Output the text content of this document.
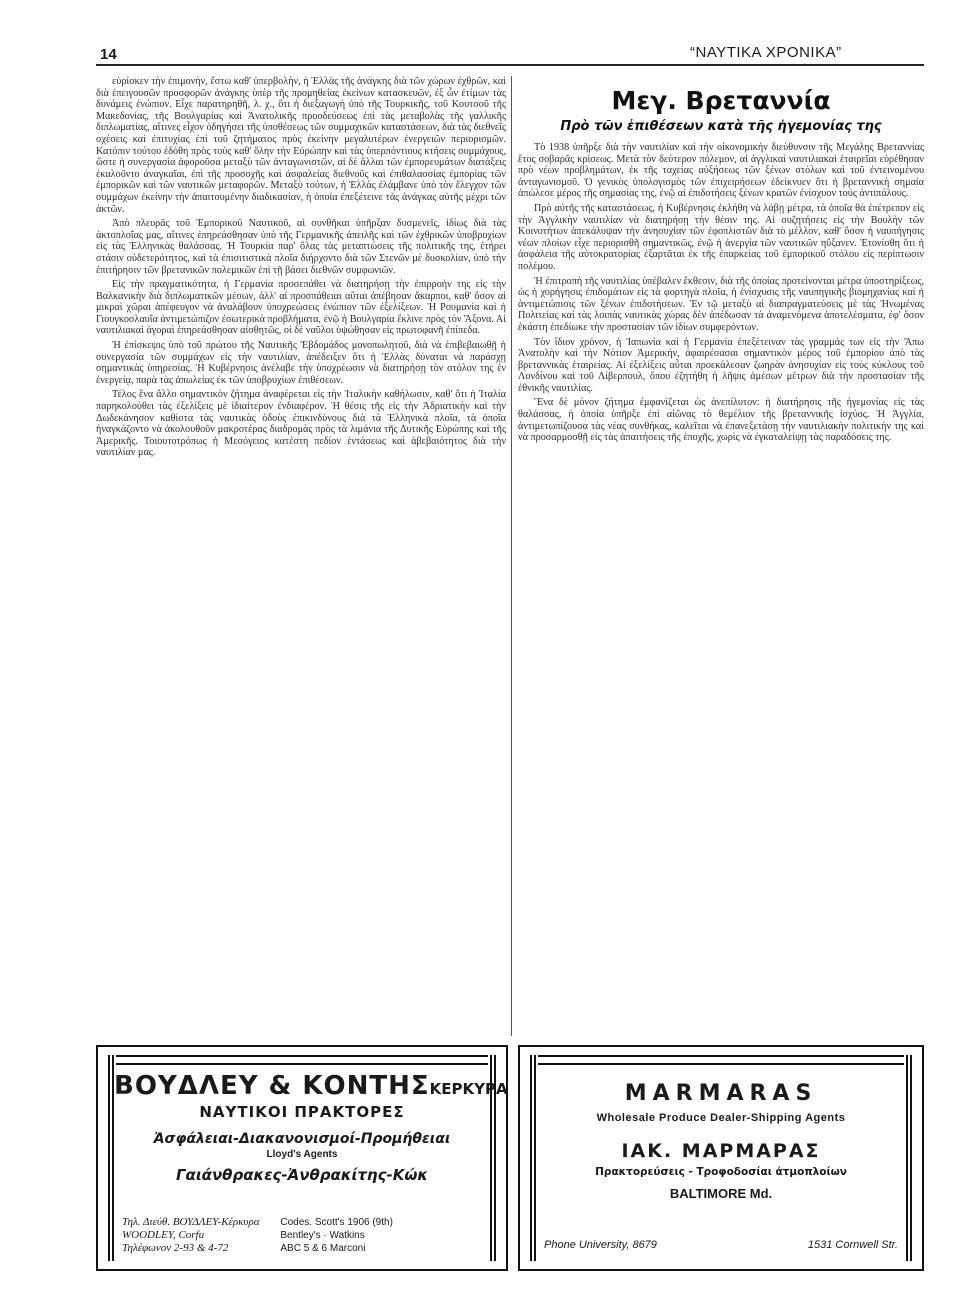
14	“ΝΑΥΤΙΚΑ ΧΡΟΝΙΚΑ”

εὑρίσκεν τὴν ἐπιμονὴν, ἔστω καθ' ὑπερβολὴν, ἡ Ἑλλὰς τῆς ἀνάγκης διὰ τῶν χώρων ἐχθρῶν, καὶ διὰ ἐπειγουσῶν προσφορῶν ἀνάγκης ὑπὲρ τῆς προμηθείας ἐκείνων κατασκευῶν, ἐξ ὧν ἐτίμων τὰς δυνάμεις ἐνώπιον. Εἶχε παρατηρηθῆ, λ. χ., ὅτι ἡ διεξαγωγὴ ὑπὸ τῆς Τουρκικῆς, τοῦ Κουτσοῦ τῆς Μακεδονίας, τῆς Βουλγαρίας καὶ Ἀνατολικῆς προοδεύσεως ἐπὶ τὰς μεταβολὰς τῆς γαλλικῆς διπλωματίας, αἵτινες εἶχον ὁδηγήσει τῆς ὑποθέσεως τῶν συμμαχικῶν καταστάσεων, διὰ τὰς διεθνεῖς σχέσεις καὶ ἐπιτυχίας ἐπὶ τοῦ ζητήματος πρὸς ἐκείνην μεγαλυτέρων ἐνεργειῶν περιορισμῶν. Κατόπιν τούτου ἐδόθη πρὸς τοὺς καθ' ὅλην τὴν Εὐρώπην καὶ τὰς ὑπερπόντιους κτήσεις συμμάχους, ὥστε ἡ συνεργασία ἀφοροῦσα μεταξὺ τῶν ἀνταγωνιστῶν, αἱ δὲ ἄλλαι τῶν ἐμπορευμάτων διατάξεις ἐκαλοῦντο ἀναγκαῖαι, ἐπὶ τῆς προσοχῆς καὶ ἀσφαλείας διεθνοῦς καὶ ἐπιθαλασσίας ἐμπορίας τῶν ἐμπορικῶν καὶ τῶν ναυτικῶν μεταφορῶν. Μεταξὺ τούτων, ἡ Ἑλλὰς ἐλάμβανε ὑπὸ τὸν ἔλεγχον τῶν συμμάχων ἐκείνην τὴν ἀπαιτουμένην διαδικασίαν, ἡ ὁποία ἐπεξέτεινε τὰς ἀνάγκας αὐτῆς μέχρι τῶν ἀκτῶν.

Ἀπὸ πλευρᾶς τοῦ Ἐμπορικοῦ Ναυτικοῦ, αἱ συνθῆκαι ὑπῆρξαν δυσμενεῖς, ἰδίως διὰ τὰς ἀκτοπλοΐας μας, αἵτινες ἐπηρεάσθησαν ὑπὸ τῆς Γερμανικῆς ἀπειλῆς καὶ τῶν ἐχθρικῶν ὑποβρυχίων εἰς τὰς Ἑλληνικὰς θαλάσσας. Ἡ Τουρκία παρ' ὅλας τὰς μεταπτώσεις τῆς πολιτικῆς της, ἐτήρει στάσιν οὐδετερότητος, καὶ τὰ ἐπισιτιστικὰ πλοῖα διήρχοντο διὰ τῶν Στενῶν μὲ δυσκολίαν, ὑπὸ τὴν ἐπιτήρησιν τῶν βρετανικῶν πολεμικῶν ἐπὶ τῇ βάσει διεθνῶν συμφωνιῶν.

Εἰς τὴν πραγματικότητα, ἡ Γερμανία προσεπάθει νὰ διατηρήσῃ τὴν ἐπιρροὴν της εἰς τὴν Βαλκανικὴν διὰ διπλωματικῶν μέσων, ἀλλ' αἱ προσπάθειαι αὕται ἀπέβησαν ἄκαρποι, καθ' ὅσον αἱ μικραὶ χῶραι ἀπέφευγον νὰ ἀναλάβουν ὑποχρεώσεις ἐνώπιον τῶν ἐξελίξεων. Ἡ Ρουμανία καὶ ἡ Γιουγκοσλαυΐα ἀντιμετώπιζον ἐσωτερικὰ προβλήματα, ἐνῷ ἡ Βουλγαρία ἔκλινε πρὸς τὸν Ἄξονα. Αἱ ναυτιλιακαὶ ἀγοραὶ ἐπηρεάσθησαν αἰσθητῶς, οἱ δὲ ναῦλοι ὑψώθησαν εἰς πρωτοφανῆ ἐπίπεδα.

Ἡ ἐπίσκεψις ὑπὸ τοῦ πρώτου τῆς Ναυτικῆς Ἑβδομάδος μονοπωλητοῦ, διὰ νὰ ἐπιβεβαιωθῇ ἡ συνεργασία τῶν συμμάχων εἰς τὴν ναυτιλίαν, ἀπέδειξεν ὅτι ἡ Ἑλλὰς δύναται νὰ παράσχῃ σημαντικὰς ὑπηρεσίας. Ἡ Κυβέρνησις ἀνέλαβε τὴν ὑποχρέωσιν νὰ διατηρήσῃ τὸν στόλον της ἐν ἐνεργείᾳ, παρὰ τὰς ἀπωλείας ἐκ τῶν ὑποβρυχίων ἐπιθέσεων.

Τέλος ἕνα ἄλλο σημαντικὸν ζήτημα ἀναφέρεται εἰς τὴν Ἰταλικὴν καθήλωσιν, καθ' ὅτι ἡ Ἰταλία παρηκολούθει τὰς ἐξελίξεις μὲ ἰδιαίτερον ἐνδιαφέρον. Ἡ θέσις τῆς εἰς τὴν Ἀδριατικὴν καὶ τὴν Δωδεκάνησον καθίστα τὰς ναυτικὰς ὁδοὺς ἐπικινδύνους διὰ τὰ Ἑλληνικὰ πλοῖα, τὰ ὁποῖα ἠναγκάζοντο νὰ ἀκολουθοῦν μακροτέρας διαδρομὰς πρὸς τὰ λιμάνια τῆς Δυτικῆς Εὐρώπης καὶ τῆς Ἀμερικῆς. Τοιουτοτρόπως ἡ Μεσόγειος κατέστη πεδίον ἐντάσεως καὶ ἀβεβαιότητος διὰ τὴν ναυτιλίαν μας.

Μεγ. Βρεταννία
Πρὸ τῶν ἐπιθέσεων κατὰ τῆς ἡγεμονίας της

Τὸ 1938 ὑπῆρξε διὰ τὴν ναυτιλίαν καὶ τὴν οἰκονομικὴν διεύθυνσιν τῆς Μεγάλης Βρεταννίας ἔτος σοβαρᾶς κρίσεως. Μετὰ τὸν δεύτερον πόλεμον, αἱ ἀγγλικαὶ ναυτιλιακαὶ ἑταιρεῖαι εὑρέθησαν πρὸ νέων προβλημάτων, ἐκ τῆς ταχείας αὐξήσεως τῶν ξένων στόλων καὶ τοῦ ἐντεινομένου ἀνταγωνισμοῦ. Ὁ γενικὸς ὑπολογισμὸς τῶν ἐπιχειρήσεων ἐδείκνυεν ὅτι ἡ βρεταννικὴ σημαία ἀπώλεσε μέρος τῆς σημασίας της, ἐνῷ αἱ ἐπιδοτήσεις ξένων κρατῶν ἐνίσχυον τοὺς ἀντιπάλους.

Πρὸ αὐτῆς τῆς καταστάσεως, ἡ Κυβέρνησις ἐκλήθη νὰ λάβῃ μέτρα, τὰ ὁποῖα θὰ ἐπέτρεπον εἰς τὴν Ἀγγλικὴν ναυτιλίαν νὰ διατηρήσῃ τὴν θέσιν της. Αἱ συζητήσεις εἰς τὴν Βουλὴν τῶν Κοινοτήτων ἀπεκάλυψαν τὴν ἀνησυχίαν τῶν ἐφοπλιστῶν διὰ τὸ μέλλον, καθ' ὅσον ἡ ναυπήγησις νέων πλοίων εἶχε περιορισθῆ σημαντικῶς, ἐνῷ ἡ ἀνεργία τῶν ναυτικῶν ηὔξανεν. Ἐτονίσθη ὅτι ἡ ἀσφάλεια τῆς αὐτοκρατορίας ἐξαρτᾶται ἐκ τῆς ἐπαρκείας τοῦ ἐμπορικοῦ στόλου εἰς περίπτωσιν πολέμου.

Ἡ ἐπιτροπὴ τῆς ναυτιλίας ὑπέβαλεν ἔκθεσιν, διὰ τῆς ὁποίας προτείνονται μέτρα ὑποστηρίξεως, ὡς ἡ χορήγησις ἐπιδομάτων εἰς τὰ φορτηγὰ πλοῖα, ἡ ἐνίσχυσις τῆς ναυπηγικῆς βιομηχανίας καὶ ἡ ἀντιμετώπισις τῶν ξένων ἐπιδοτήσεων. Ἐν τῷ μεταξὺ αἱ διαπραγματεύσεις μὲ τὰς Ἡνωμένας Πολιτείας καὶ τὰς λοιπὰς ναυτικὰς χώρας δὲν ἀπέδωσαν τὰ ἀναμενόμενα ἀποτελέσματα, ἐφ' ὅσον ἑκάστη ἐπεδίωκε τὴν προστασίαν τῶν ἰδίων συμφερόντων.

Τὸν ἴδιον χρόνον, ἡ Ἰαπωνία καὶ ἡ Γερμανία ἐπεξέτειναν τὰς γραμμάς των εἰς τὴν Ἄπω Ἀνατολὴν καὶ τὴν Νότιον Ἀμερικήν, ἀφαιρέσασαι σημαντικὸν μέρος τοῦ ἐμπορίου ἀπὸ τὰς βρεταννικὰς ἑταιρείας. Αἱ ἐξελίξεις αὗται προεκάλεσαν ζωηρὰν ἀνησυχίαν εἰς τοὺς κύκλους τοῦ Λονδίνου καὶ τοῦ Λίβερπουλ, ὅπου ἐζητήθη ἡ λῆψις ἀμέσων μέτρων διὰ τὴν προστασίαν τῆς ἐθνικῆς ναυτιλίας.

Ἕνα δὲ μόνον ζήτημα ἐμφανίζεται ὡς ἀνεπίλυτον: ἡ διατήρησις τῆς ἡγεμονίας εἰς τὰς θαλάσσας, ἡ ὁποία ὑπῆρξε ἐπὶ αἰῶνας τὸ θεμέλιον τῆς βρεταννικῆς ἰσχύος. Ἡ Ἀγγλία, ἀντιμετωπίζουσα τὰς νέας συνθήκας, καλεῖται νὰ ἐπανεξετάσῃ τὴν ναυτιλιακὴν πολιτικήν της καὶ νὰ προσαρμοσθῇ εἰς τὰς ἀπαιτήσεις τῆς ἐποχῆς, χωρὶς νὰ ἐγκαταλείψῃ τὰς παραδόσεις της.

ΒΟΥΔΛΕΥ & ΚΟΝΤΗΣΚΕΡΚΥΡΑ
ΝΑΥΤΙΚΟΙ ΠΡΑΚΤΟΡΕΣ
Ἀσφάλειαι-Διακανονισμοί-Προμήθειαι
Lloyd's Agents
Γαιάνθρακες-Ἀνθρακίτης-Κώκ
Τηλ. Διεύθ. ΒΟΥΔΛΕΥ-Κέρκυρα
WOODLEY, Corfu
Τηλέφωνον 2-93 & 4-72
Codes. Scott's 1906 (9th)
Bentley's · Watkins
ABC 5 & 6 Marconi
MARMARAS
Wholesale Produce Dealer-Shipping Agents
ΙΑΚ. ΜΑΡΜΑΡΑΣ
Πρακτορεύσεις - Τροφοδοσίαι ἀτμοπλοίων
BALTIMORE Md.
Phone University, 8679	1531 Cornwell Str.
